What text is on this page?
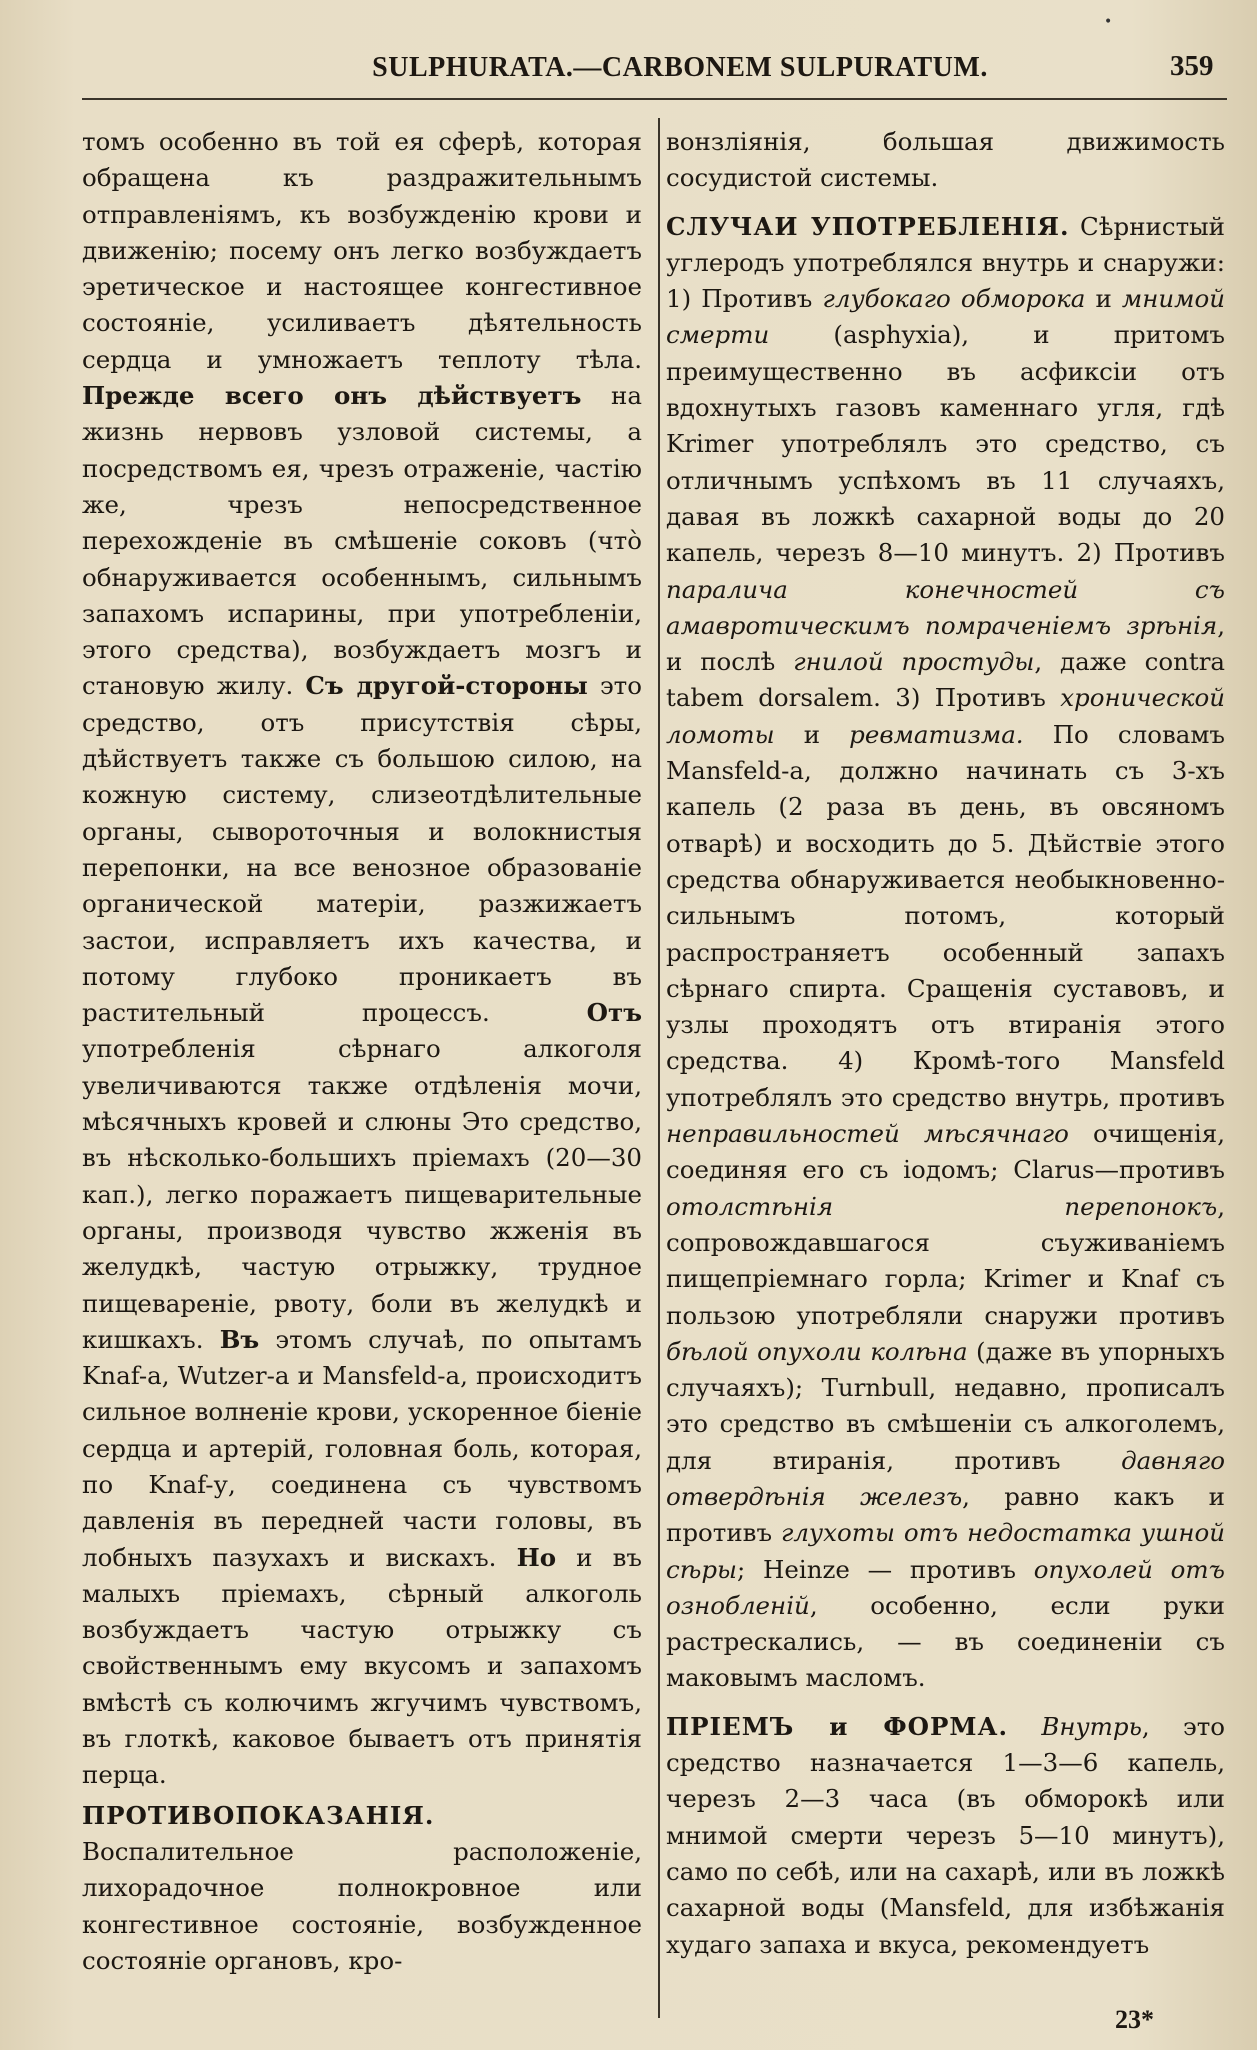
•
SULPHURATA.—CARBONEM SULPURATUM.	359

томъ особенно въ той ея сферѣ, которая обращена къ раздражительнымъ отправленіямъ, къ возбужденію крови и движенію; посему онъ легко возбуждаетъ эретическое и настоящее конгестивное состояніе, усиливаетъ дѣятельность сердца и умножаетъ теплоту тѣла. Прежде всего онъ дѣйствуетъ на жизнь нервовъ узловой системы, а посредствомъ ея, чрезъ отраженіе, частію же, чрезъ непосредственное перехожденіе въ смѣшеніе соковъ (что̀ обнаруживается особеннымъ, сильнымъ запахомъ испарины, при употребленіи, этого средства), возбуждаетъ мозгъ и становую жилу. Съ другой-стороны это средство, отъ присутствія сѣры, дѣйствуетъ также съ большою силою, на кожную систему, слизеотдѣлительные органы, сывороточныя и волокнистыя перепонки, на все венозное образованіе органической матеріи, разжижаетъ застои, исправляетъ ихъ качества, и потому глубоко проникаетъ въ растительный процессъ. Отъ употребленія сѣрнаго алкоголя увеличиваются также отдѣленія мочи, мѣсячныхъ кровей и слюны Это средство, въ нѣсколько-большихъ пріемахъ (20—30 кап.), легко поражаетъ пищеварительные органы, производя чувство жженія въ желудкѣ, частую отрыжку, трудное пищевареніе, рвоту, боли въ желудкѣ и кишкахъ. Въ этомъ случаѣ, по опытамъ Knaf-а, Wutzer-а и Mansfeld-а, происходитъ сильное волненіе крови, ускоренное біеніе сердца и артерій, головная боль, которая, по Knaf-у, соединена съ чувствомъ давленія въ передней части головы, въ лобныхъ пазухахъ и вискахъ. Но и въ малыхъ пріемахъ, сѣрный алкоголь возбуждаетъ частую отрыжку съ свойственнымъ ему вкусомъ и запахомъ вмѣстѣ съ колючимъ жгучимъ чувствомъ, въ глоткѣ, каковое бываетъ отъ принятія перца.

ПРОТИВОПОКАЗАНІЯ. Воспалительное расположеніе, лихорадочное полнокровное или конгестивное состояніе, возбужденное состояніе органовъ, кро-

вонзліянія, большая движимость сосудистой системы.

СЛУЧАИ УПОТРЕБЛЕНІЯ. Сѣрнистый углеродъ употреблялся внутрь и снаружи: 1) Противъ глубокаго обморока и мнимой смерти (asphyxia), и притомъ преимущественно въ асфиксіи отъ вдохнутыхъ газовъ каменнаго угля, гдѣ Krimer употреблялъ это средство, съ отличнымъ успѣхомъ въ 11 случаяхъ, давая въ ложкѣ сахарной воды до 20 капель, черезъ 8—10 минутъ. 2) Противъ паралича конечностей съ амавротическимъ помраченіемъ зрѣнія, и послѣ гнилой простуды, даже contra tabem dorsalem. 3) Противъ хронической ломоты и ревматизма. По словамъ Mansfeld-а, должно начинать съ 3-хъ капель (2 раза въ день, въ овсяномъ отварѣ) и восходить до 5. Дѣйствіе этого средства обнаруживается необыкновенно-сильнымъ потомъ, который распространяетъ особенный запахъ сѣрнаго спирта. Сращенія суставовъ, и узлы проходятъ отъ втиранія этого средства. 4) Кромѣ-того Mansfeld употреблялъ это средство внутрь, противъ неправильностей мѣсячнаго очищенія, соединяя его съ іодомъ; Clarus—противъ отолстѣнія перепонокъ, сопровождавшагося съуживаніемъ пищепріемнаго горла; Krimer и Knaf съ пользою употребляли снаружи противъ бѣлой опухоли колѣна (даже въ упорныхъ случаяхъ); Turnbull, недавно, прописалъ это средство въ смѣшеніи съ алкоголемъ, для втиранія, противъ давняго отвердѣнія железъ, равно какъ и противъ глухоты отъ недостатка ушной сѣры; Heinze — противъ опухолей отъ ознобленій, особенно, если руки растрескались, — въ соединеніи съ маковымъ масломъ.

ПРІЕМЪ и ФОРМА. Внутрь, это средство назначается 1—3—6 капель, черезъ 2—3 часа (въ обморокѣ или мнимой смерти черезъ 5—10 минутъ), само по себѣ, или на сахарѣ, или въ ложкѣ сахарной воды (Mansfeld, для избѣжанія худаго запаха и вкуса, рекомендуетъ

23*
